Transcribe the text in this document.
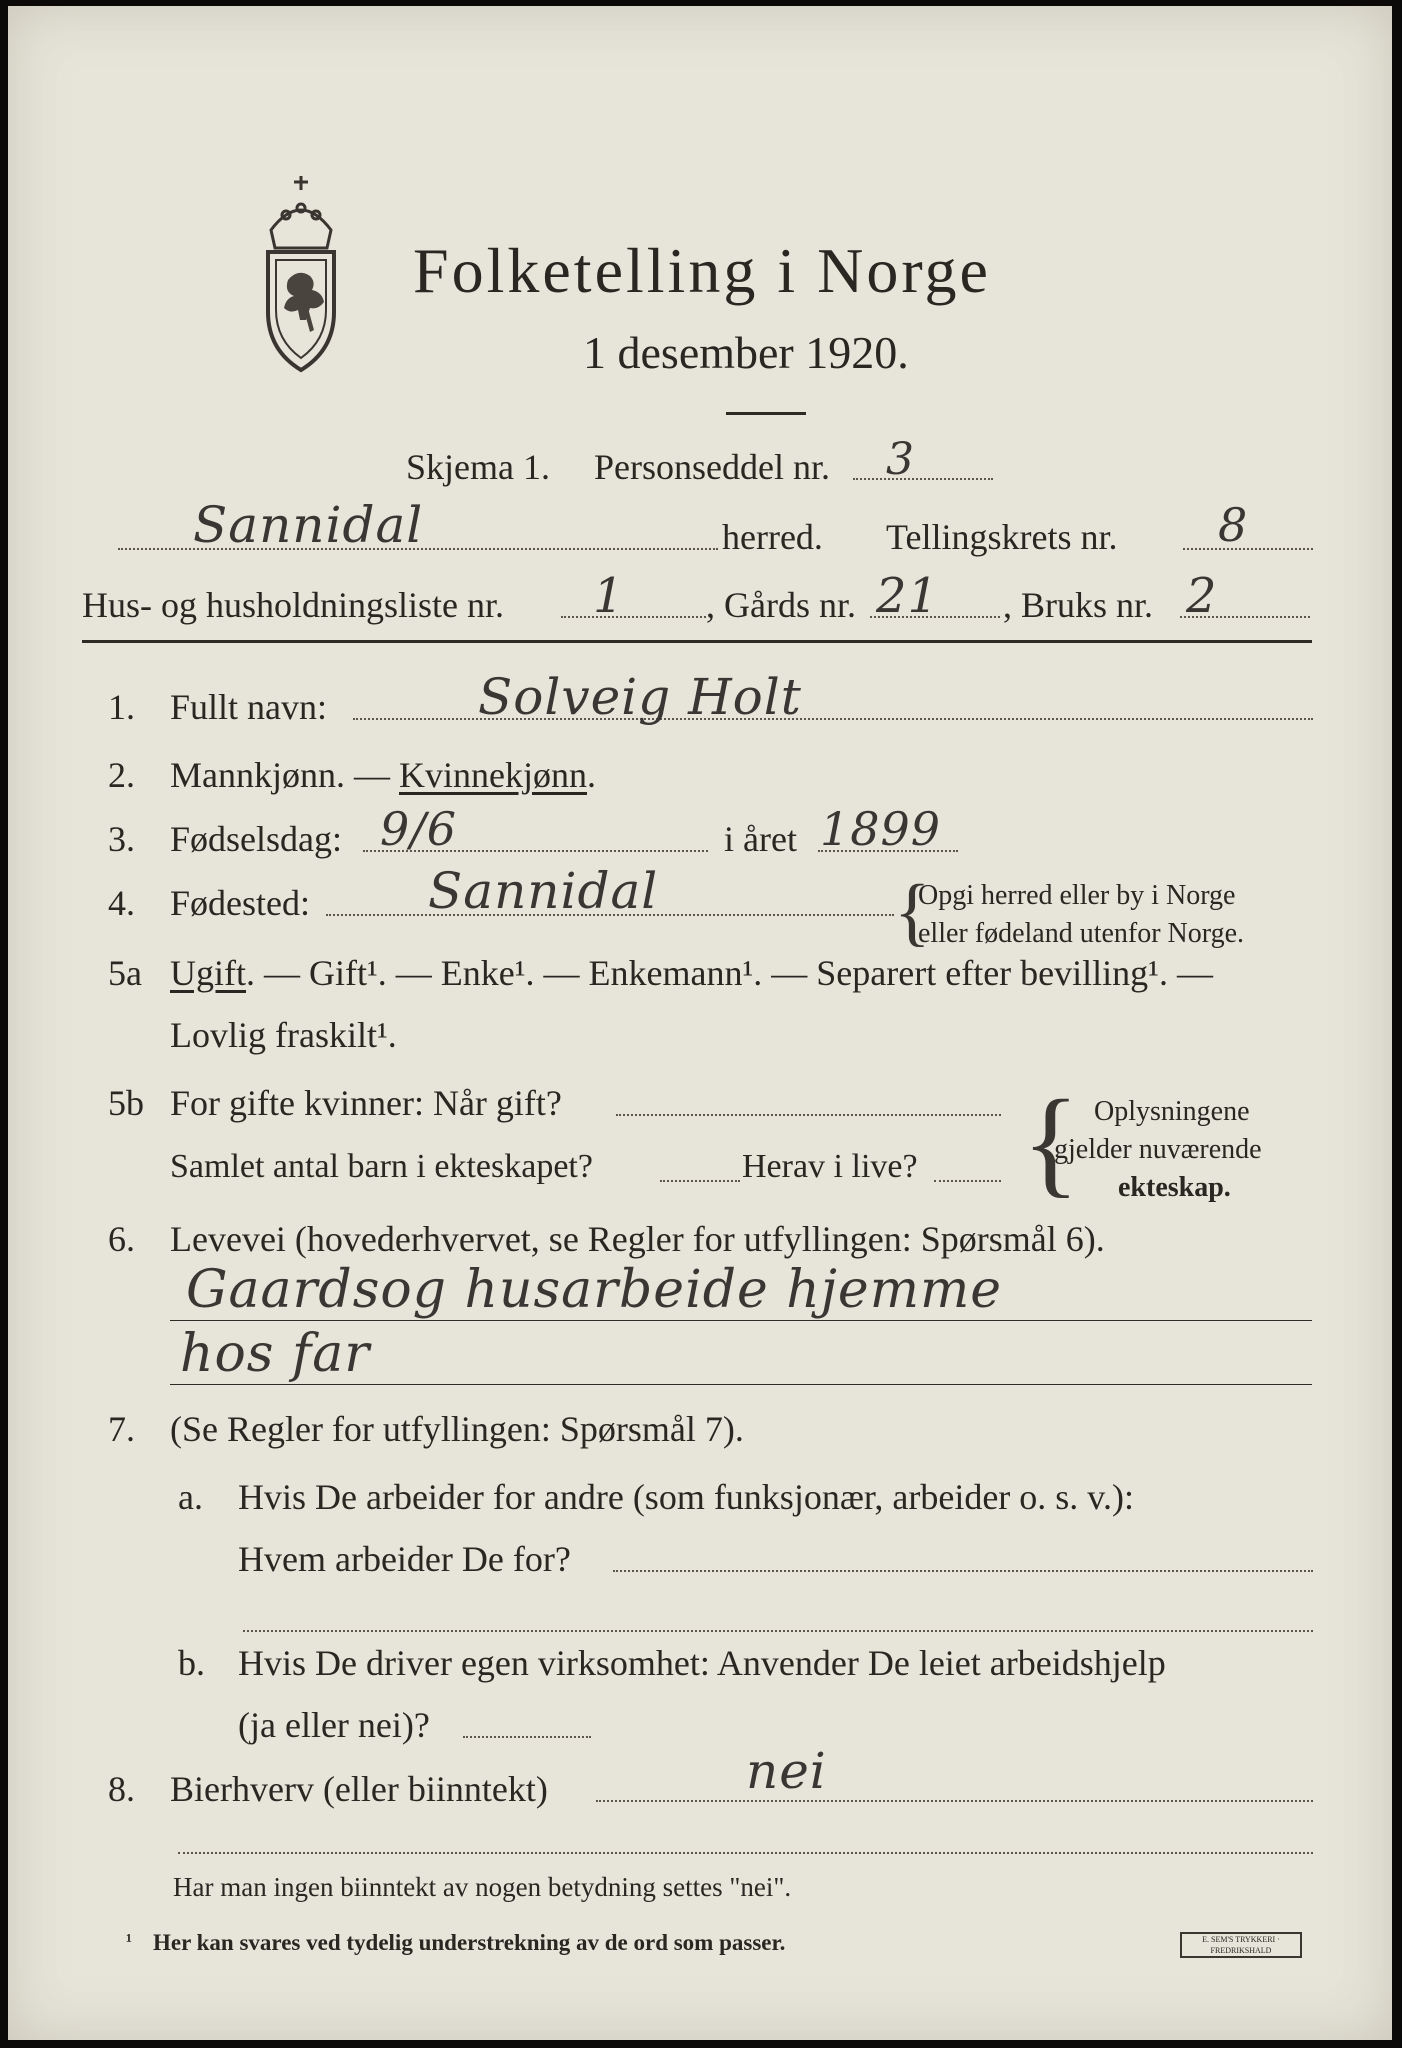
Folketelling i Norge
1 desember 1920.
Skjema 1. Personseddel nr. 3
Sannidal	herred. Tellingskrets nr. 8
Hus- og husholdningsliste nr. 1 , Gårds nr. 21 , Bruks nr. 2
1. Fullt navn:	Solveig Holt
2. Mannkjønn. — Kvinnekjønn.
3. Fødselsdag: 9/6	i året 1899
4. Fødested: Sannidal	{
Opgi herred eller by i Norge
eller fødeland utenfor Norge.
5a Ugift. — Gift¹. — Enke¹. — Enkemann¹. — Separert efter bevilling¹. —
Lovlig fraskilt¹.
5b For gifte kvinner: Når gift?
Samlet antal barn i ekteskapet?	Herav i live? { Oplysningene
gjelder nuværende
ekteskap.
6. Levevei (hovederhvervet, se Regler for utfyllingen: Spørsmål 6).
Gaardsog husarbeide hjemme
hos far
7. (Se Regler for utfyllingen: Spørsmål 7).
a. Hvis De arbeider for andre (som funksjonær, arbeider o. s. v.):
Hvem arbeider De for?
b. Hvis De driver egen virksomhet: Anvender De leiet arbeidshjelp
(ja eller nei)?
8. Bierhverv (eller biinntekt)	nei
Har man ingen biinntekt av nogen betydning settes "nei".
¹ Her kan svares ved tydelig understrekning av de ord som passer.	E. SEM'S TRYKKERI · FREDRIKSHALD
